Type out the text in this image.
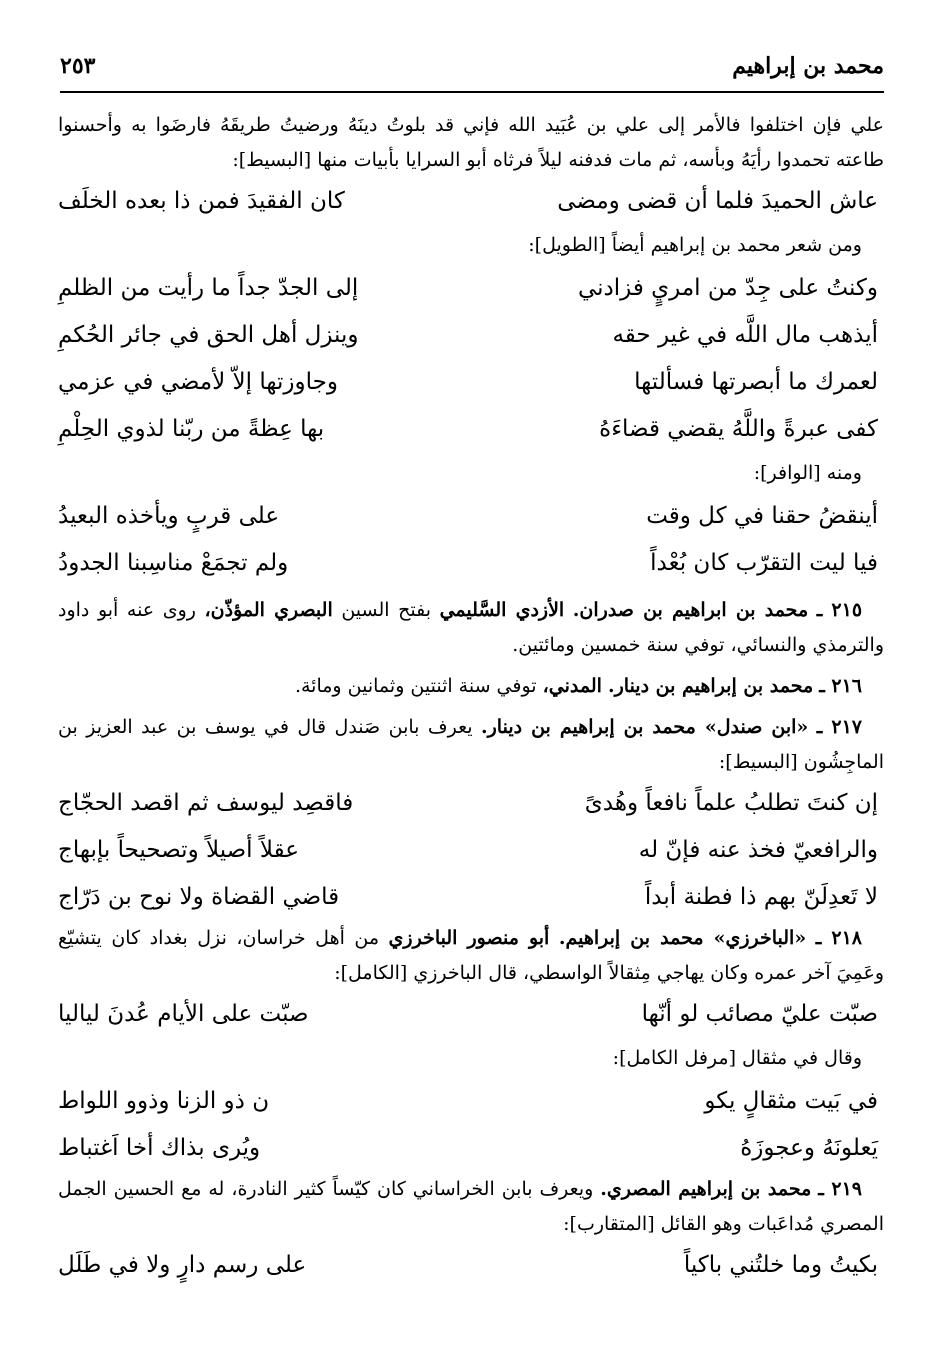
محمد بن إبراهيم
٢٥٣

علي فإن اختلفوا فالأمر إلى علي بن عُبَيد الله فإني قد بلوتُ دينَهُ ورضيتُ طريقَهُ فارضَوا به وأحسنوا طاعته تحمدوا رأيَهُ وبأسه، ثم مات فدفنه ليلاً فرثاه أبو السرايا بأبيات منها [البسيط]:

عاش الحميدَ فلما أن قضى ومضى
كان الفقيدَ فمن ذا بعده الخلَف
ومن شعر محمد بن إبراهيم أيضاً [الطويل]:
وكنتُ على جِدّ من امريٍ فزادني
إلى الجدّ جداً ما رأيت من الظلمِ
أيذهب مال اللَّه في غير حقه
وينزل أهل الحق في جائر الحُكمِ
لعمرك ما أبصرتها فسألتها
وجاوزتها إلاّ لأمضي في عزمي
كفى عبرةً واللَّهُ يقضي قضاءَهُ
بها عِظةً من ربّنا لذوي الحِلْمِ
ومنه [الوافر]:
أينقضُ حقنا في كل وقت
على قربٍ ويأخذه البعيدُ
فيا ليت التقرّب كان بُعْداً
ولم تجمَعْ مناسِبنا الجدودُ

٢١٥ ـ محمد بن ابراهيم بن صدران. الأزدي السَّليمي بفتح السين البصري المؤذّن، روى عنه أبو داود والترمذي والنسائي، توفي سنة خمسين ومائتين.

٢١٦ ـ محمد بن إبراهيم بن دينار. المدني، توفي سنة اثنتين وثمانين ومائة.

٢١٧ ـ «ابن صندل» محمد بن إبراهيم بن دينار. يعرف بابن صَندل قال في يوسف بن عبد العزيز بن الماجِشُون [البسيط]:

إن كنتَ تطلبُ علماً نافعاً وهُدىً
فاقصِد ليوسف ثم اقصد الحجّاج
والرافعيّ فخذ عنه فإنّ له
عقلاً أصيلاً وتصحيحاً بإبهاج
لا تَعدِلَنّ بهم ذا فطنة أبداً
قاضي القضاة ولا نوح بن دَرّاج

٢١٨ ـ «الباخرزي» محمد بن إبراهيم. أبو منصور الباخرزي من أهل خراسان، نزل بغداد كان يتشيّع وعَمِيَ آخر عمره وكان يهاجي مِثقالاً الواسطي، قال الباخرزي [الكامل]:

صبّت عليّ مصائب لو أنّها
صبّت على الأيام عُدنَ لياليا
وقال في مثقال [مرفل الكامل]:
في بَيت مثقالٍ يكو
ن ذو الزنا وذوو اللواط
يَعلونَهُ وعجوزَهُ
ويُرى بذاك أخا اَغتباط

٢١٩ ـ محمد بن إبراهيم المصري. ويعرف بابن الخراساني كان كيّساً كثير النادرة، له مع الحسين الجمل المصري مُداعَبات وهو القائل [المتقارب]:

بكيتُ وما خلتُني باكياً
على رسم دارٍ ولا في طَلَل
